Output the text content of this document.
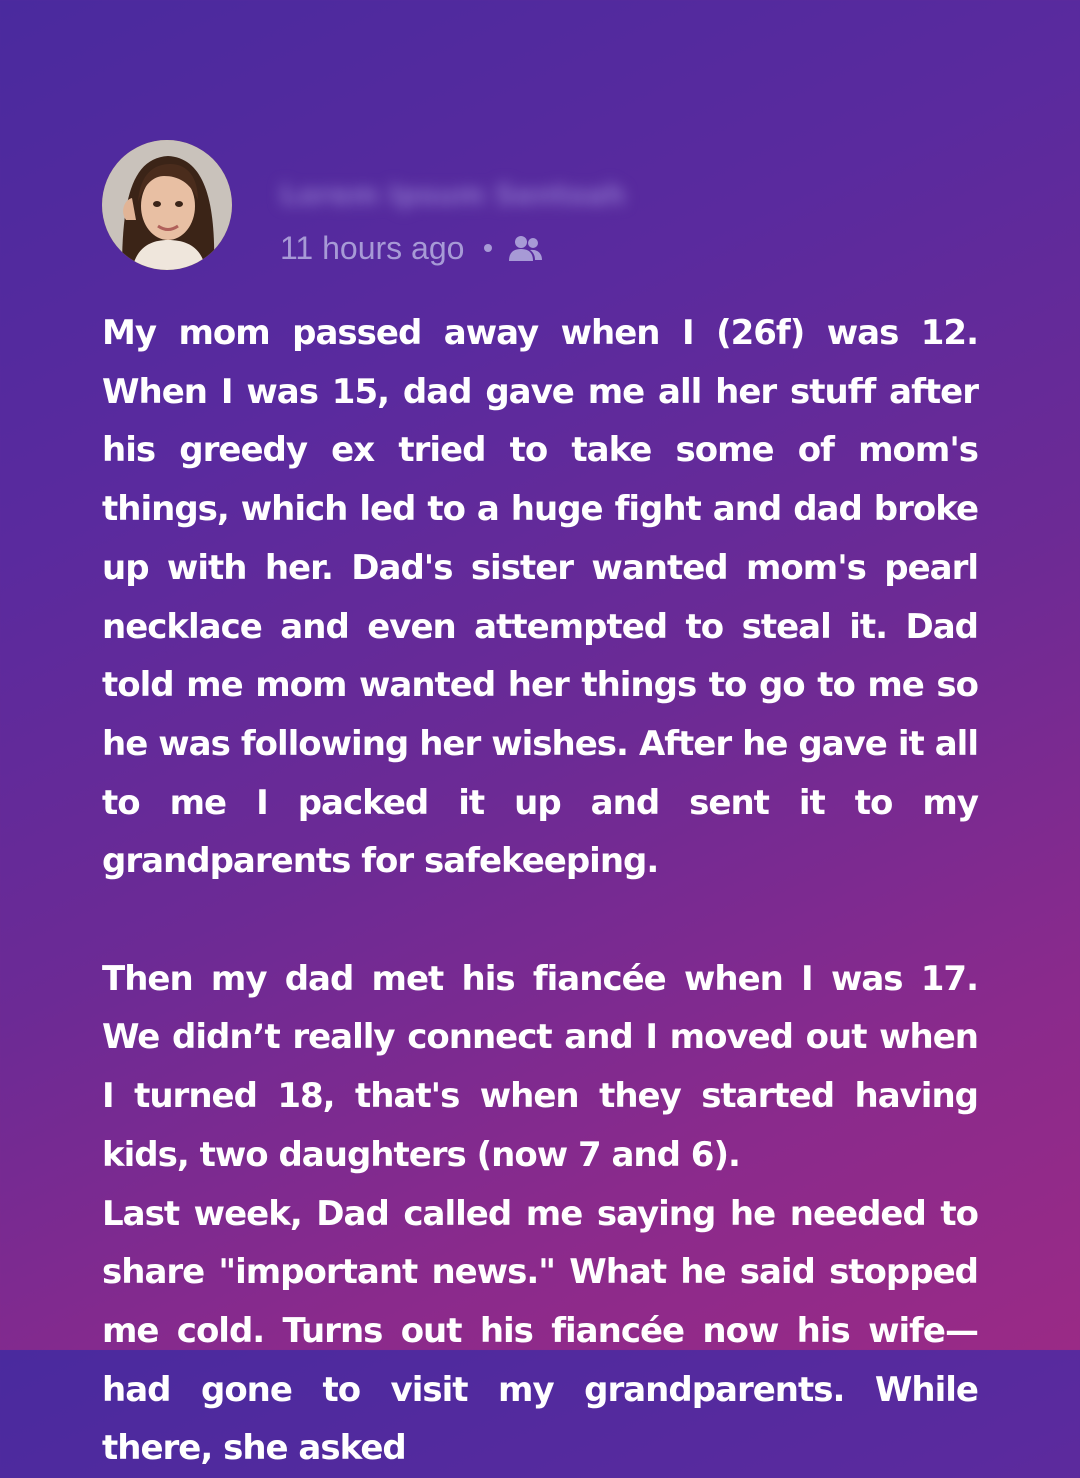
Lorem Ipsum Sentoah
11 hours ago

My mom passed away when I (26f) was 12. When I was 15, dad gave me all her stuff after his greedy ex tried to take some of mom's things, which led to a huge fight and dad broke up with her. Dad's sister wanted mom's pearl necklace and even attempted to steal it. Dad told me mom wanted her things to go to me so he was following her wishes. After he gave it all to me I packed it up and sent it to my grandparents for safekeeping.

Then my dad met his fiancée when I was 17. We didn’t really connect and I moved out when I turned 18, that's when they started having kids, two daughters (now 7 and 6).

Last week, Dad called me saying he needed to share "important news." What he said stopped me cold. Turns out his fiancée now his wife—had gone to visit my grandparents. While there, she asked
